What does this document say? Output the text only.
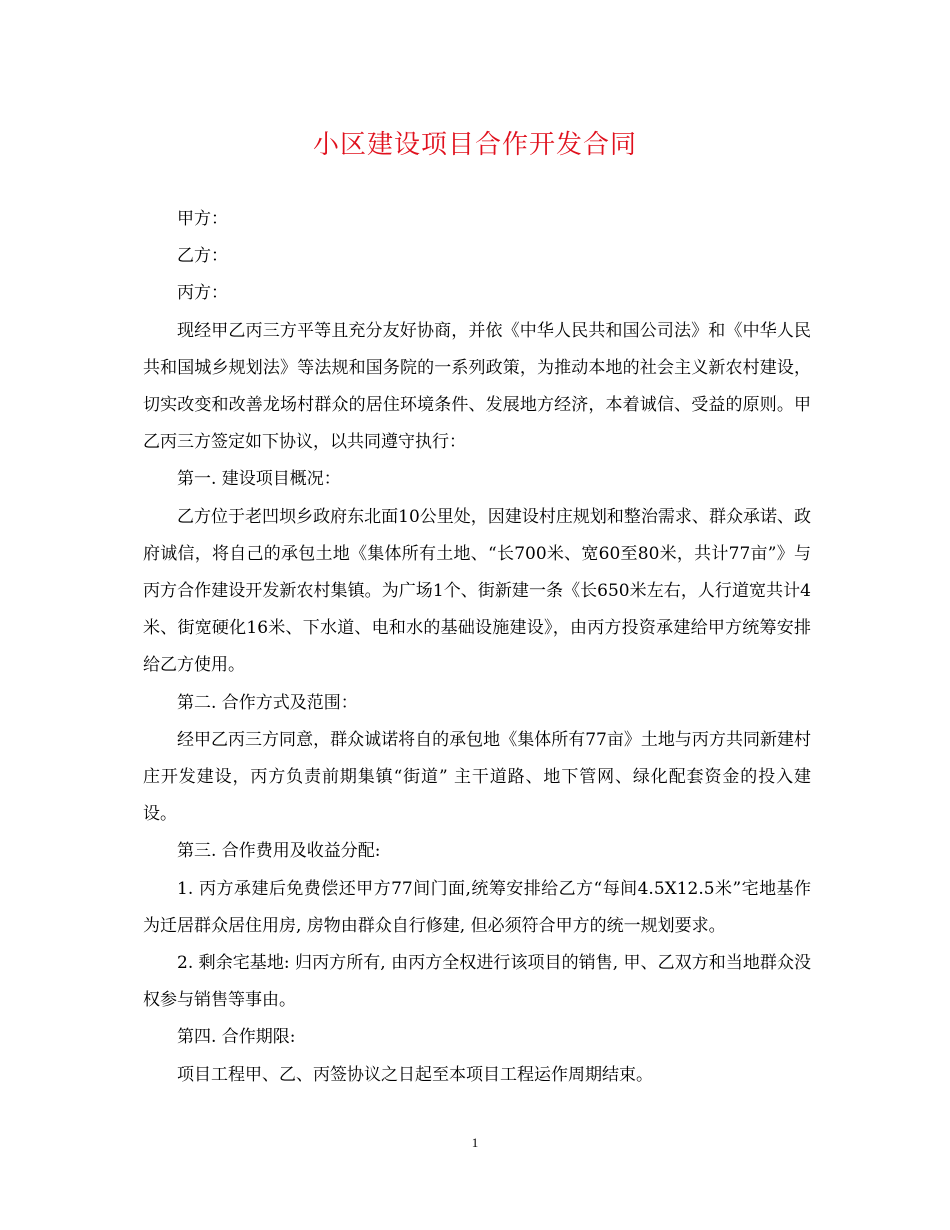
小区建设项目合作开发合同

甲方：

乙方：

丙方：

现经甲乙丙三方平等且充分友好协商，并依《中华人民共和国公司法》和《中华人民共和国城乡规划法》等法规和国务院的一系列政策，为推动本地的社会主义新农村建设，切实改变和改善龙场村群众的居住环境条件、发展地方经济，本着诚信、受益的原则。甲乙丙三方签定如下协议，以共同遵守执行：

第一. 建设项目概况：

乙方位于老凹坝乡政府东北面10公里处，因建设村庄规划和整治需求、群众承诺、政府诚信，将自己的承包土地《集体所有土地、“长700米、宽60至80米，共计77亩”》与丙方合作建设开发新农村集镇。为广场1个、街新建一条《长650米左右，人行道宽共计4米、街宽硬化16米、下水道、电和水的基础设施建设》，由丙方投资承建给甲方统筹安排给乙方使用。

第二. 合作方式及范围：

经甲乙丙三方同意，群众诚诺将自的承包地《集体所有77亩》土地与丙方共同新建村庄开发建设，丙方负责前期集镇“街道” 主干道路、地下管网、绿化配套资金的投入建设。

第三. 合作费用及收益分配:

1. 丙方承建后免费偿还甲方77间门面,统筹安排给乙方“每间4.5X12.5米”宅地基作为迁居群众居住用房, 房物由群众自行修建, 但必须符合甲方的统一规划要求。

2. 剩余宅基地: 归丙方所有, 由丙方全权进行该项目的销售, 甲、乙双方和当地群众没权参与销售等事由。

第四. 合作期限:

项目工程甲、乙、丙签协议之日起至本项目工程运作周期结束。

1
